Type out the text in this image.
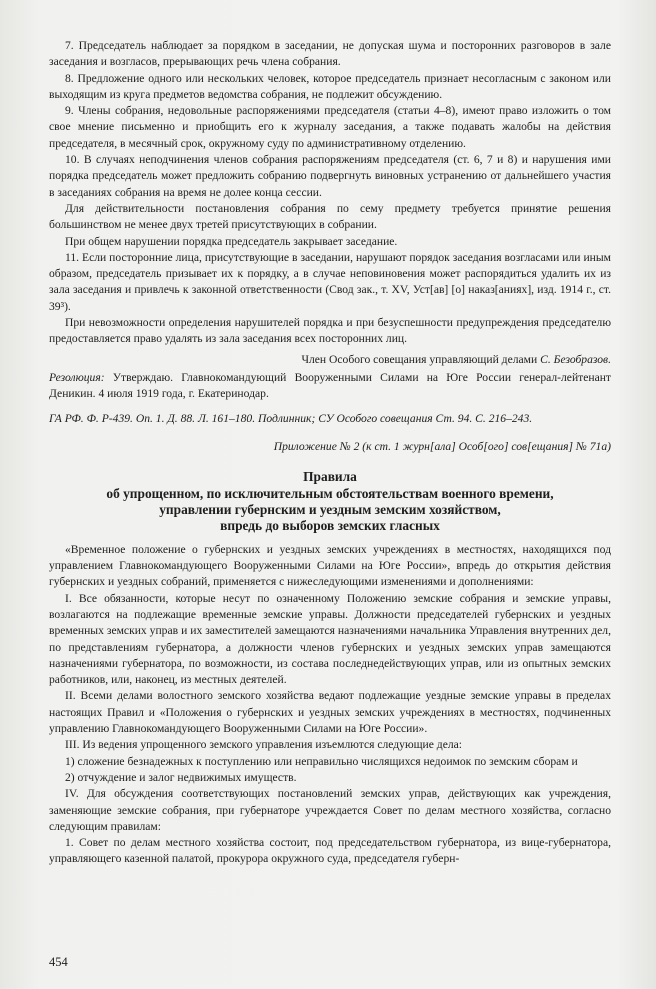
7. Председатель наблюдает за порядком в заседании, не допуская шума и посторонних разговоров в зале заседания и возгласов, прерывающих речь члена собрания.

8. Предложение одного или нескольких человек, которое председатель признает несогласным с законом или выходящим из круга предметов ведомства собрания, не подлежит обсуждению.

9. Члены собрания, недовольные распоряжениями председателя (статьи 4–8), имеют право изложить о том свое мнение письменно и приобщить его к журналу заседания, а также подавать жалобы на действия председателя, в месячный срок, окружному суду по административному отделению.

10. В случаях неподчинения членов собрания распоряжениям председателя (ст. 6, 7 и 8) и нарушения ими порядка председатель может предложить собранию подвергнуть виновных устранению от дальнейшего участия в заседаниях собрания на время не долее конца сессии.

Для действительности постановления собрания по сему предмету требуется принятие решения большинством не менее двух третей присутствующих в собрании.

При общем нарушении порядка председатель закрывает заседание.

11. Если посторонние лица, присутствующие в заседании, нарушают порядок заседания возгласами или иным образом, председатель призывает их к порядку, а в случае неповиновения может распорядиться удалить их из зала заседания и привлечь к законной ответственности (Свод зак., т. XV, Уст[ав] [о] наказ[аниях], изд. 1914 г., ст. 39³).

При невозможности определения нарушителей порядка и при безуспешности предупреждения председателю предоставляется право удалять из зала заседания всех посторонних лиц.

Член Особого совещания управляющий делами С. Безобразов.

Резолюция: Утверждаю. Главнокомандующий Вооруженными Силами на Юге России генерал-лейтенант Деникин. 4 июля 1919 года, г. Екатеринодар.

ГА РФ. Ф. Р-439. Оп. 1. Д. 88. Л. 161–180. Подлинник; СУ Особого совещания Ст. 94. С. 216–243.

Приложение № 2 (к ст. 1 журн[ала] Особ[ого] сов[ещания] № 71а)

Правила
об упрощенном, по исключительным обстоятельствам военного времени,
управлении губернским и уездным земским хозяйством,
впредь до выборов земских гласных

«Временное положение о губернских и уездных земских учреждениях в местностях, находящихся под управлением Главнокомандующего Вооруженными Силами на Юге России», впредь до открытия действия губернских и уездных собраний, применяется с нижеследующими изменениями и дополнениями:

I. Все обязанности, которые несут по означенному Положению земские собрания и земские управы, возлагаются на подлежащие временные земские управы. Должности председателей губернских и уездных временных земских управ и их заместителей замещаются назначениями начальника Управления внутренних дел, по представлениям губернатора, а должности членов губернских и уездных земских управ замещаются назначениями губернатора, по возможности, из состава последнедействующих управ, или из опытных земских работников, или, наконец, из местных деятелей.

II. Всеми делами волостного земского хозяйства ведают подлежащие уездные земские управы в пределах настоящих Правил и «Положения о губернских и уездных земских учреждениях в местностях, подчиненных управлению Главнокомандующего Вооруженными Силами на Юге России».

III. Из ведения упрощенного земского управления изъемлются следующие дела:

1) сложение безнадежных к поступлению или неправильно числящихся недоимок по земским сборам и

2) отчуждение и залог недвижимых имуществ.

IV. Для обсуждения соответствующих постановлений земских управ, действующих как учреждения, заменяющие земские собрания, при губернаторе учреждается Совет по делам местного хозяйства, согласно следующим правилам:

1. Совет по делам местного хозяйства состоит, под председательством губернатора, из вице-губернатора, управляющего казенной палатой, прокурора окружного суда, председателя губерн-

454
